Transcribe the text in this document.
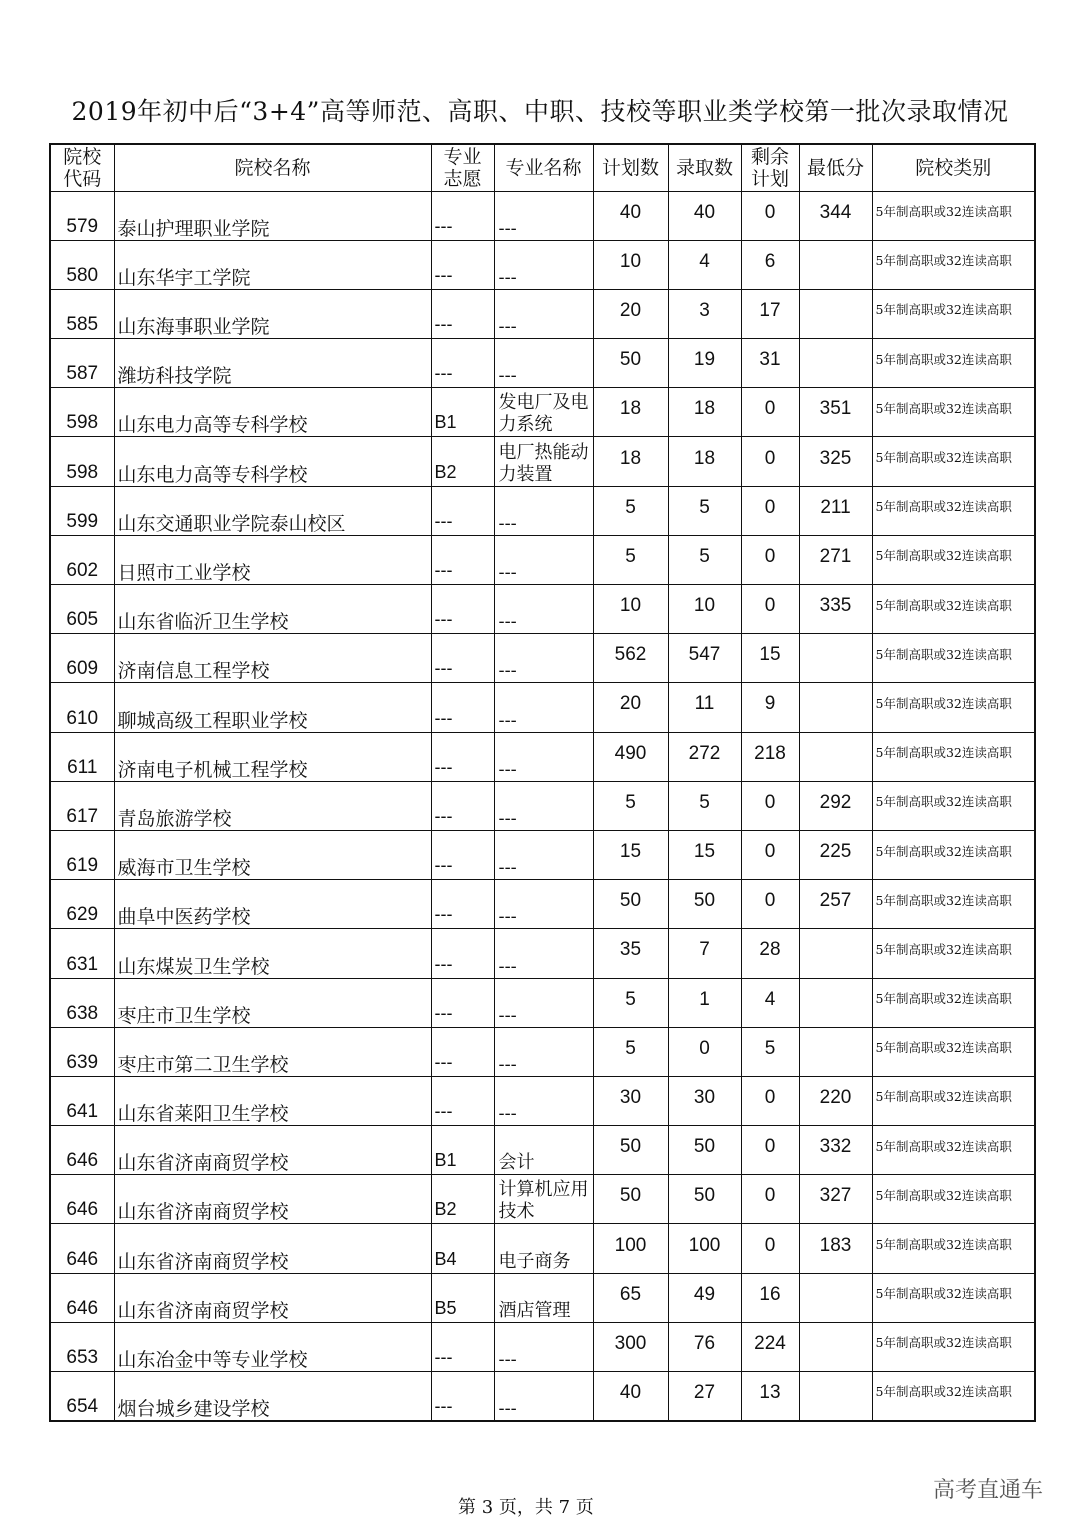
2019年初中后“3+4”高等师范、高职、中职、技校等职业类学校第一批次录取情况
院校代码	院校名称	专业志愿	专业名称	计划数	录取数	剩余计划	最低分	院校类别
579	泰山护理职业学院	---	---	40	40	0	344	5年制高职或32连读高职
580	山东华宇工学院	---	---	10	4	6		5年制高职或32连读高职
585	山东海事职业学院	---	---	20	3	17		5年制高职或32连读高职
587	潍坊科技学院	---	---	50	19	31		5年制高职或32连读高职
598	山东电力高等专科学校	B1	发电厂及电力系统	18	18	0	351	5年制高职或32连读高职
598	山东电力高等专科学校	B2	电厂热能动力装置	18	18	0	325	5年制高职或32连读高职
599	山东交通职业学院泰山校区	---	---	5	5	0	211	5年制高职或32连读高职
602	日照市工业学校	---	---	5	5	0	271	5年制高职或32连读高职
605	山东省临沂卫生学校	---	---	10	10	0	335	5年制高职或32连读高职
609	济南信息工程学校	---	---	562	547	15		5年制高职或32连读高职
610	聊城高级工程职业学校	---	---	20	11	9		5年制高职或32连读高职
611	济南电子机械工程学校	---	---	490	272	218		5年制高职或32连读高职
617	青岛旅游学校	---	---	5	5	0	292	5年制高职或32连读高职
619	威海市卫生学校	---	---	15	15	0	225	5年制高职或32连读高职
629	曲阜中医药学校	---	---	50	50	0	257	5年制高职或32连读高职
631	山东煤炭卫生学校	---	---	35	7	28		5年制高职或32连读高职
638	枣庄市卫生学校	---	---	5	1	4		5年制高职或32连读高职
639	枣庄市第二卫生学校	---	---	5	0	5		5年制高职或32连读高职
641	山东省莱阳卫生学校	---	---	30	30	0	220	5年制高职或32连读高职
646	山东省济南商贸学校	B1	会计	50	50	0	332	5年制高职或32连读高职
646	山东省济南商贸学校	B2	计算机应用技术	50	50	0	327	5年制高职或32连读高职
646	山东省济南商贸学校	B4	电子商务	100	100	0	183	5年制高职或32连读高职
646	山东省济南商贸学校	B5	酒店管理	65	49	16		5年制高职或32连读高职
653	山东冶金中等专业学校	---	---	300	76	224		5年制高职或32连读高职
654	烟台城乡建设学校	---	---	40	27	13		5年制高职或32连读高职
第 3 页，共 7 页
高考直通车
